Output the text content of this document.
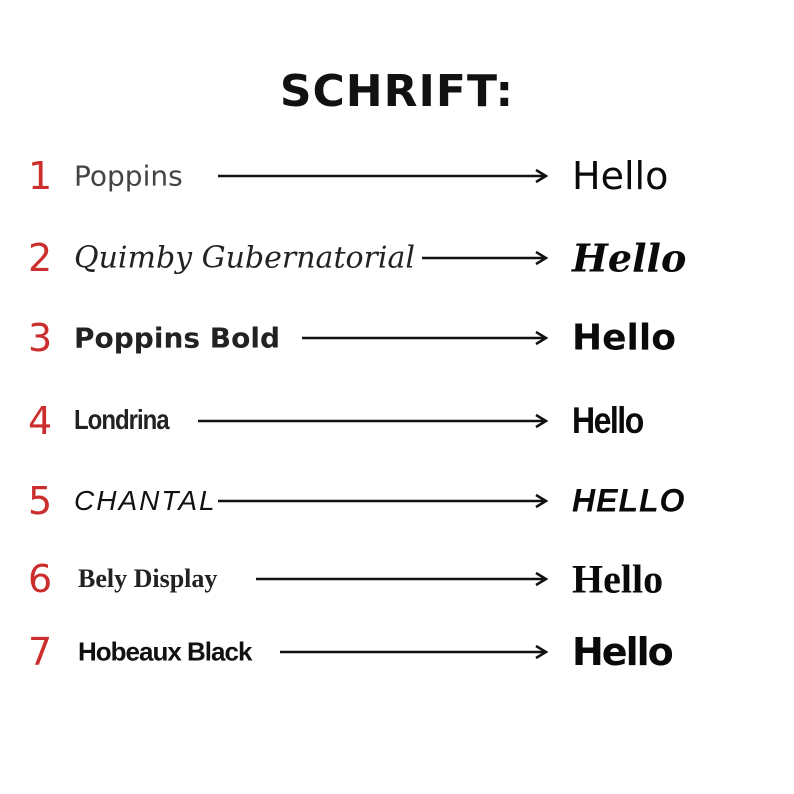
SCHRIFT:
1 Poppins	Hello
2 Quimby Gubernatorial	Hello
3 Poppins Bold	Hello
4 Londrina	Hello
5 CHANTAL	HELLO
6 Bely Display	Hello
7 Hobeaux Black	Hello
